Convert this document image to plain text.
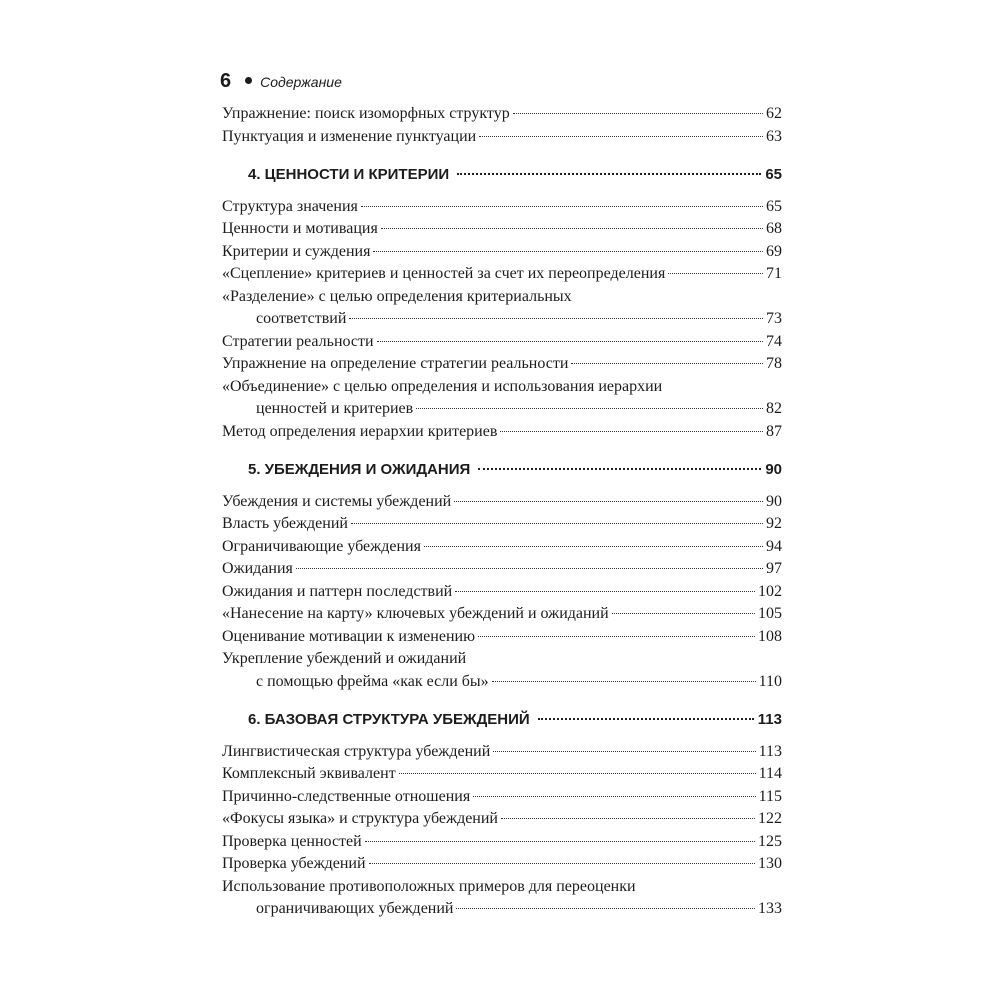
6 Содержание
Упражнение: поиск изоморфных структур	62
Пунктуация и изменение пунктуации	63
4. ЦЕННОСТИ И КРИТЕРИИ	65
Структура значения	65
Ценности и мотивация	68
Критерии и суждения	69
«Сцепление» критериев и ценностей за счет их переопределения	71
«Разделение» с целью определения критериальных
соответствий	73
Стратегии реальности	74
Упражнение на определение стратегии реальности	78
«Объединение» с целью определения и использования иерархии
ценностей и критериев	82
Метод определения иерархии критериев	87
5. УБЕЖДЕНИЯ И ОЖИДАНИЯ	90
Убеждения и системы убеждений	90
Власть убеждений	92
Ограничивающие убеждения	94
Ожидания	97
Ожидания и паттерн последствий	102
«Нанесение на карту» ключевых убеждений и ожиданий	105
Оценивание мотивации к изменению	108
Укрепление убеждений и ожиданий
с помощью фрейма «как если бы»	110
6. БАЗОВАЯ СТРУКТУРА УБЕЖДЕНИЙ	113
Лингвистическая структура убеждений	113
Комплексный эквивалент	114
Причинно-следственные отношения	115
«Фокусы языка» и структура убеждений	122
Проверка ценностей	125
Проверка убеждений	130
Использование противоположных примеров для переоценки
ограничивающих убеждений	133
